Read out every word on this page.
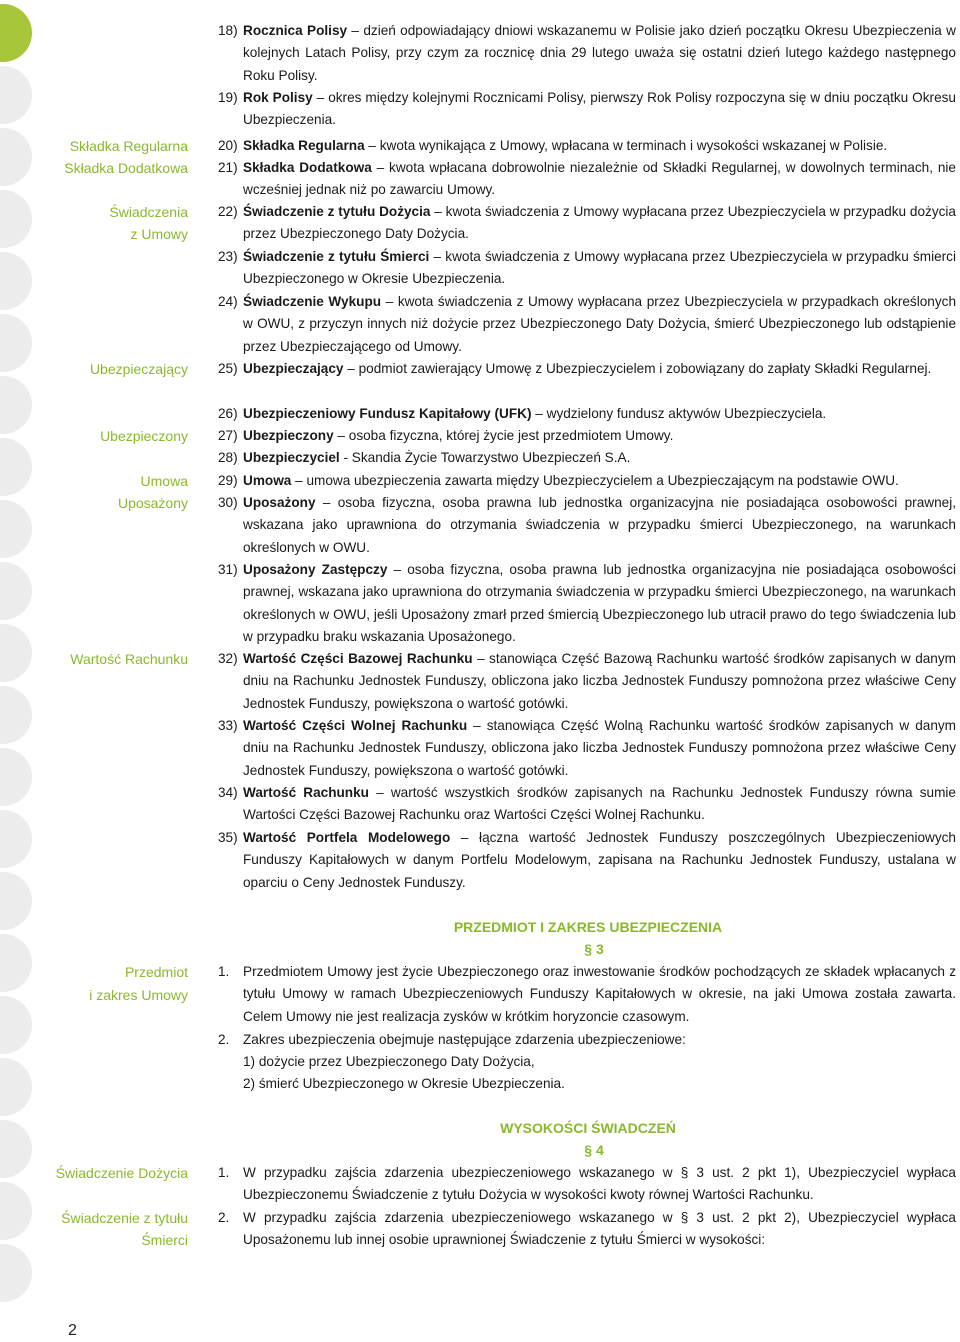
Składka Regularna
Składka Dodatkowa
Świadczenia
z Umowy
Ubezpieczający
Ubezpieczony
Umowa
Uposażony
Wartość Rachunku
Przedmiot
i zakres Umowy
Świadczenie Dożycia
Świadczenie z tytułu
Śmierci
18) Rocznica Polisy – dzień odpowiadający dniowi wskazanemu w Polisie jako dzień początku Okresu Ubezpieczenia w kolejnych Latach Polisy, przy czym za rocznicę dnia 29 lutego uważa się ostatni dzień lutego każdego następnego Roku Polisy.
19) Rok Polisy – okres między kolejnymi Rocznicami Polisy, pierwszy Rok Polisy rozpoczyna się w dniu początku Okresu Ubezpieczenia.
20) Składka Regularna – kwota wynikająca z Umowy, wpłacana w terminach i wysokości wskazanej w Polisie.
21) Składka Dodatkowa – kwota wpłacana dobrowolnie niezależnie od Składki Regularnej, w dowolnych terminach, nie wcześniej jednak niż po zawarciu Umowy.
22) Świadczenie z tytułu Dożycia – kwota świadczenia z Umowy wypłacana przez Ubezpieczyciela w przypadku dożycia przez Ubezpieczonego Daty Dożycia.
23) Świadczenie z tytułu Śmierci – kwota świadczenia z Umowy wypłacana przez Ubezpieczyciela w przypadku śmierci Ubezpieczonego w Okresie Ubezpieczenia.
24) Świadczenie Wykupu – kwota świadczenia z Umowy wypłacana przez Ubezpieczyciela w przypadkach określonych w OWU, z przyczyn innych niż dożycie przez Ubezpieczonego Daty Dożycia, śmierć Ubezpieczonego lub odstąpienie przez Ubezpieczającego od Umowy.
25) Ubezpieczający – podmiot zawierający Umowę z Ubezpieczycielem i zobowiązany do zapłaty Składki Regularnej.
26) Ubezpieczeniowy Fundusz Kapitałowy (UFK) – wydzielony fundusz aktywów Ubezpieczyciela.
27) Ubezpieczony – osoba fizyczna, której życie jest przedmiotem Umowy.
28) Ubezpieczyciel - Skandia Życie Towarzystwo Ubezpieczeń S.A.
29) Umowa – umowa ubezpieczenia zawarta między Ubezpieczycielem a Ubezpieczającym na podstawie OWU.
30) Uposażony – osoba fizyczna, osoba prawna lub jednostka organizacyjna nie posiadająca osobowości prawnej, wskazana jako uprawniona do otrzymania świadczenia w przypadku śmierci Ubezpieczonego, na warunkach określonych w OWU.
31) Uposażony Zastępczy – osoba fizyczna, osoba prawna lub jednostka organizacyjna nie posiadająca osobowości prawnej, wskazana jako uprawniona do otrzymania świadczenia w przypadku śmierci Ubezpieczonego, na warunkach określonych w OWU, jeśli Uposażony zmarł przed śmiercią Ubezpieczonego lub utracił prawo do tego świadczenia lub w przypadku braku wskazania Uposażonego.
32) Wartość Części Bazowej Rachunku – stanowiąca Część Bazową Rachunku wartość środków zapisanych w danym dniu na Rachunku Jednostek Funduszy, obliczona jako liczba Jednostek Funduszy pomnożona przez właściwe Ceny Jednostek Funduszy, powiększona o wartość gotówki.
33) Wartość Części Wolnej Rachunku – stanowiąca Część Wolną Rachunku wartość środków zapisanych w danym dniu na Rachunku Jednostek Funduszy, obliczona jako liczba Jednostek Funduszy pomnożona przez właściwe Ceny Jednostek Funduszy, powiększona o wartość gotówki.
34) Wartość Rachunku – wartość wszystkich środków zapisanych na Rachunku Jednostek Funduszy równa sumie Wartości Części Bazowej Rachunku oraz Wartości Części Wolnej Rachunku.
35) Wartość Portfela Modelowego – łączna wartość Jednostek Funduszy poszczególnych Ubezpieczeniowych Funduszy Kapitałowych w danym Portfelu Modelowym, zapisana na Rachunku Jednostek Funduszy, ustalana w oparciu o Ceny Jednostek Funduszy.
PRZEDMIOT I ZAKRES UBEZPIECZENIA
§ 3
1. Przedmiotem Umowy jest życie Ubezpieczonego oraz inwestowanie środków pochodzących ze składek wpłacanych z tytułu Umowy w ramach Ubezpieczeniowych Funduszy Kapitałowych w okresie, na jaki Umowa została zawarta. Celem Umowy nie jest realizacja zysków w krótkim horyzoncie czasowym.
2. Zakres ubezpieczenia obejmuje następujące zdarzenia ubezpieczeniowe:
1) dożycie przez Ubezpieczonego Daty Dożycia,
2) śmierć Ubezpieczonego w Okresie Ubezpieczenia.
WYSOKOŚCI ŚWIADCZEŃ
§ 4
1. W przypadku zajścia zdarzenia ubezpieczeniowego wskazanego w § 3 ust. 2 pkt 1), Ubezpieczyciel wypłaca Ubezpieczonemu Świadczenie z tytułu Dożycia w wysokości kwoty równej Wartości Rachunku.
2. W przypadku zajścia zdarzenia ubezpieczeniowego wskazanego w § 3 ust. 2 pkt 2), Ubezpieczyciel wypłaca Uposażonemu lub innej osobie uprawnionej Świadczenie z tytułu Śmierci w wysokości:
2
